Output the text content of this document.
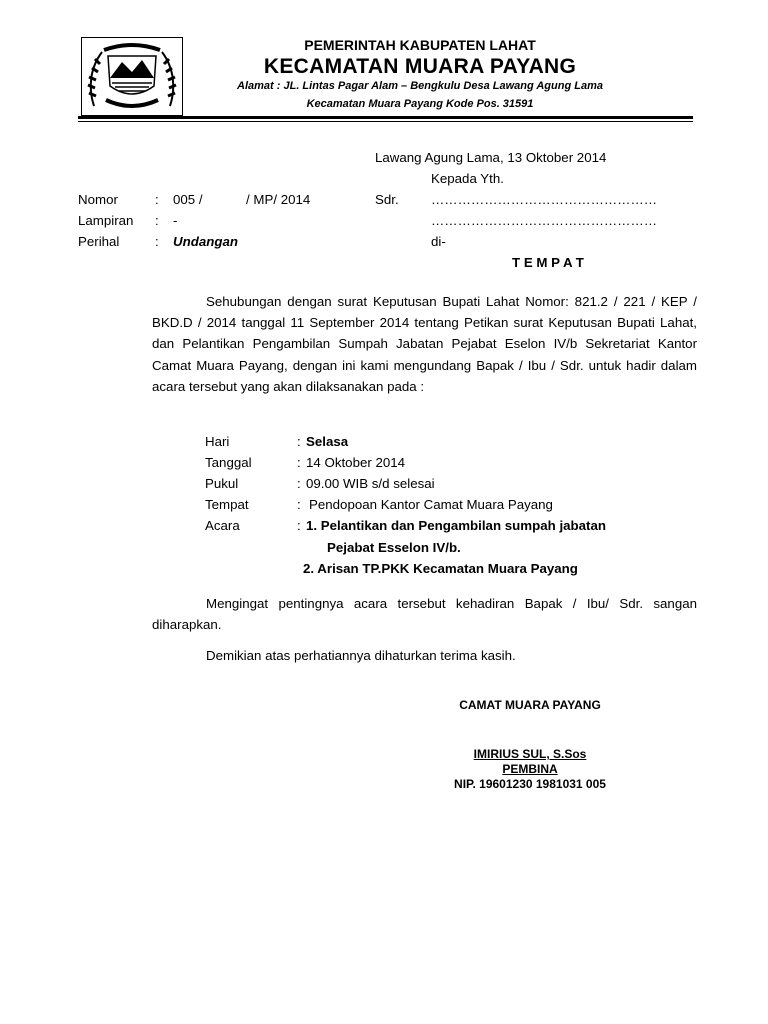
PEMERINTAH KABUPATEN LAHAT
KECAMATAN MUARA PAYANG
Alamat : JL. Lintas Pagar Alam – Bengkulu Desa Lawang Agung Lama
Kecamatan Muara Payang Kode Pos. 31591
Lawang Agung Lama, 13 Oktober 2014
Kepada Yth.
Sdr. ……………………………………………
……………………………………………
di-
T E M P A T
Nomor	: 005 /	/ MP/ 2014
Lampiran : -
Perihal	: Undangan
Sehubungan dengan surat Keputusan Bupati Lahat Nomor: 821.2 / 221 / KEP / BKD.D / 2014 tanggal 11 September 2014 tentang Petikan surat Keputusan Bupati Lahat, dan Pelantikan Pengambilan Sumpah Jabatan Pejabat Eselon IV/b Sekretariat Kantor Camat Muara Payang, dengan ini kami mengundang Bapak / Ibu / Sdr. untuk hadir dalam acara tersebut yang akan dilaksanakan pada :
Hari	: Selasa
Tanggal	: 14 Oktober 2014
Pukul	: 09.00 WIB s/d selesai
Tempat	: Pendopoan Kantor Camat Muara Payang
Acara	: 1. Pelantikan dan Pengambilan sumpah jabatan
Pejabat Esselon IV/b.
2. Arisan TP.PKK Kecamatan Muara Payang
Mengingat pentingnya acara tersebut kehadiran Bapak / Ibu/ Sdr. sangan diharapkan.
Demikian atas perhatiannya dihaturkan terima kasih.
CAMAT MUARA PAYANG
IMIRIUS SUL, S.Sos
PEMBINA
NIP. 19601230 1981031 005
